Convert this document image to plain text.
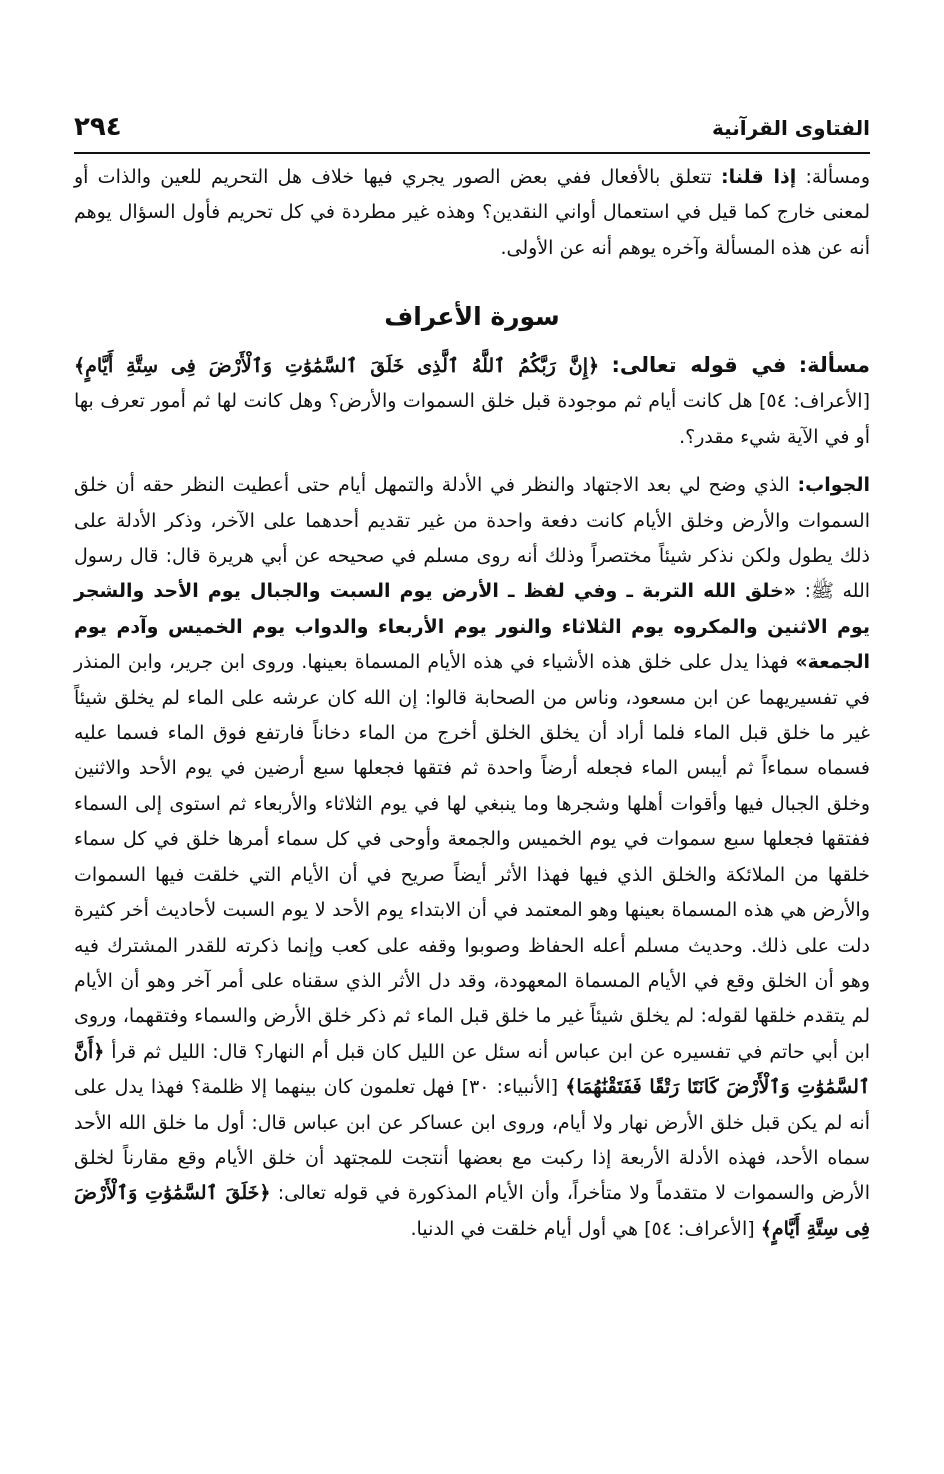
الفتاوى القرآنية
٢٩٤

ومسألة: إذا قلنا: تتعلق بالأفعال ففي بعض الصور يجري فيها خلاف هل التحريم للعين والذات أو لمعنى خارج كما قيل في استعمال أواني النقدين؟ وهذه غير مطردة في كل تحريم فأول السؤال يوهم أنه عن هذه المسألة وآخره يوهم أنه عن الأولى.

سورة الأعراف

مسألة: في قوله تعالى: ﴿إِنَّ رَبَّكُمُ ٱللَّهُ ٱلَّذِى خَلَقَ ٱلسَّمَٰوَٰتِ وَٱلْأَرْضَ فِى سِتَّةِ أَيَّامٍ﴾ [الأعراف: ٥٤] هل كانت أيام ثم موجودة قبل خلق السموات والأرض؟ وهل كانت لها ثم أمور تعرف بها أو في الآية شيء مقدر؟.

الجواب: الذي وضح لي بعد الاجتهاد والنظر في الأدلة والتمهل أيام حتى أعطيت النظر حقه أن خلق السموات والأرض وخلق الأيام كانت دفعة واحدة من غير تقديم أحدهما على الآخر، وذكر الأدلة على ذلك يطول ولكن نذكر شيئاً مختصراً وذلك أنه روى مسلم في صحيحه عن أبي هريرة قال: قال رسول الله ﷺ: «خلق الله التربة ـ وفي لفظ ـ الأرض يوم السبت والجبال يوم الأحد والشجر يوم الاثنين والمكروه يوم الثلاثاء والنور يوم الأربعاء والدواب يوم الخميس وآدم يوم الجمعة» فهذا يدل على خلق هذه الأشياء في هذه الأيام المسماة بعينها. وروى ابن جرير، وابن المنذر في تفسيريهما عن ابن مسعود، وناس من الصحابة قالوا: إن الله كان عرشه على الماء لم يخلق شيئاً غير ما خلق قبل الماء فلما أراد أن يخلق الخلق أخرج من الماء دخاناً فارتفع فوق الماء فسما عليه فسماه سماءاً ثم أيبس الماء فجعله أرضاً واحدة ثم فتقها فجعلها سبع أرضين في يوم الأحد والاثنين وخلق الجبال فيها وأقوات أهلها وشجرها وما ينبغي لها في يوم الثلاثاء والأربعاء ثم استوى إلى السماء ففتقها فجعلها سبع سموات في يوم الخميس والجمعة وأوحى في كل سماء أمرها خلق في كل سماء خلقها من الملائكة والخلق الذي فيها فهذا الأثر أيضاً صريح في أن الأيام التي خلقت فيها السموات والأرض هي هذه المسماة بعينها وهو المعتمد في أن الابتداء يوم الأحد لا يوم السبت لأحاديث أخر كثيرة دلت على ذلك. وحديث مسلم أعله الحفاظ وصوبوا وقفه على كعب وإنما ذكرته للقدر المشترك فيه وهو أن الخلق وقع في الأيام المسماة المعهودة، وقد دل الأثر الذي سقناه على أمر آخر وهو أن الأيام لم يتقدم خلقها لقوله: لم يخلق شيئاً غير ما خلق قبل الماء ثم ذكر خلق الأرض والسماء وفتقهما، وروى ابن أبي حاتم في تفسيره عن ابن عباس أنه سئل عن الليل كان قبل أم النهار؟ قال: الليل ثم قرأ ﴿أَنَّ ٱلسَّمَٰوَٰتِ وَٱلْأَرْضَ كَانَتَا رَتْقًا فَفَتَقْنَٰهُمَا﴾ [الأنبياء: ٣٠] فهل تعلمون كان بينهما إلا ظلمة؟ فهذا يدل على أنه لم يكن قبل خلق الأرض نهار ولا أيام، وروى ابن عساكر عن ابن عباس قال: أول ما خلق الله الأحد سماه الأحد، فهذه الأدلة الأربعة إذا ركبت مع بعضها أنتجت للمجتهد أن خلق الأيام وقع مقارناً لخلق الأرض والسموات لا متقدماً ولا متأخراً، وأن الأيام المذكورة في قوله تعالى: ﴿خَلَقَ ٱلسَّمَٰوَٰتِ وَٱلْأَرْضَ فِى سِتَّةِ أَيَّامٍ﴾ [الأعراف: ٥٤] هي أول أيام خلقت في الدنيا.
